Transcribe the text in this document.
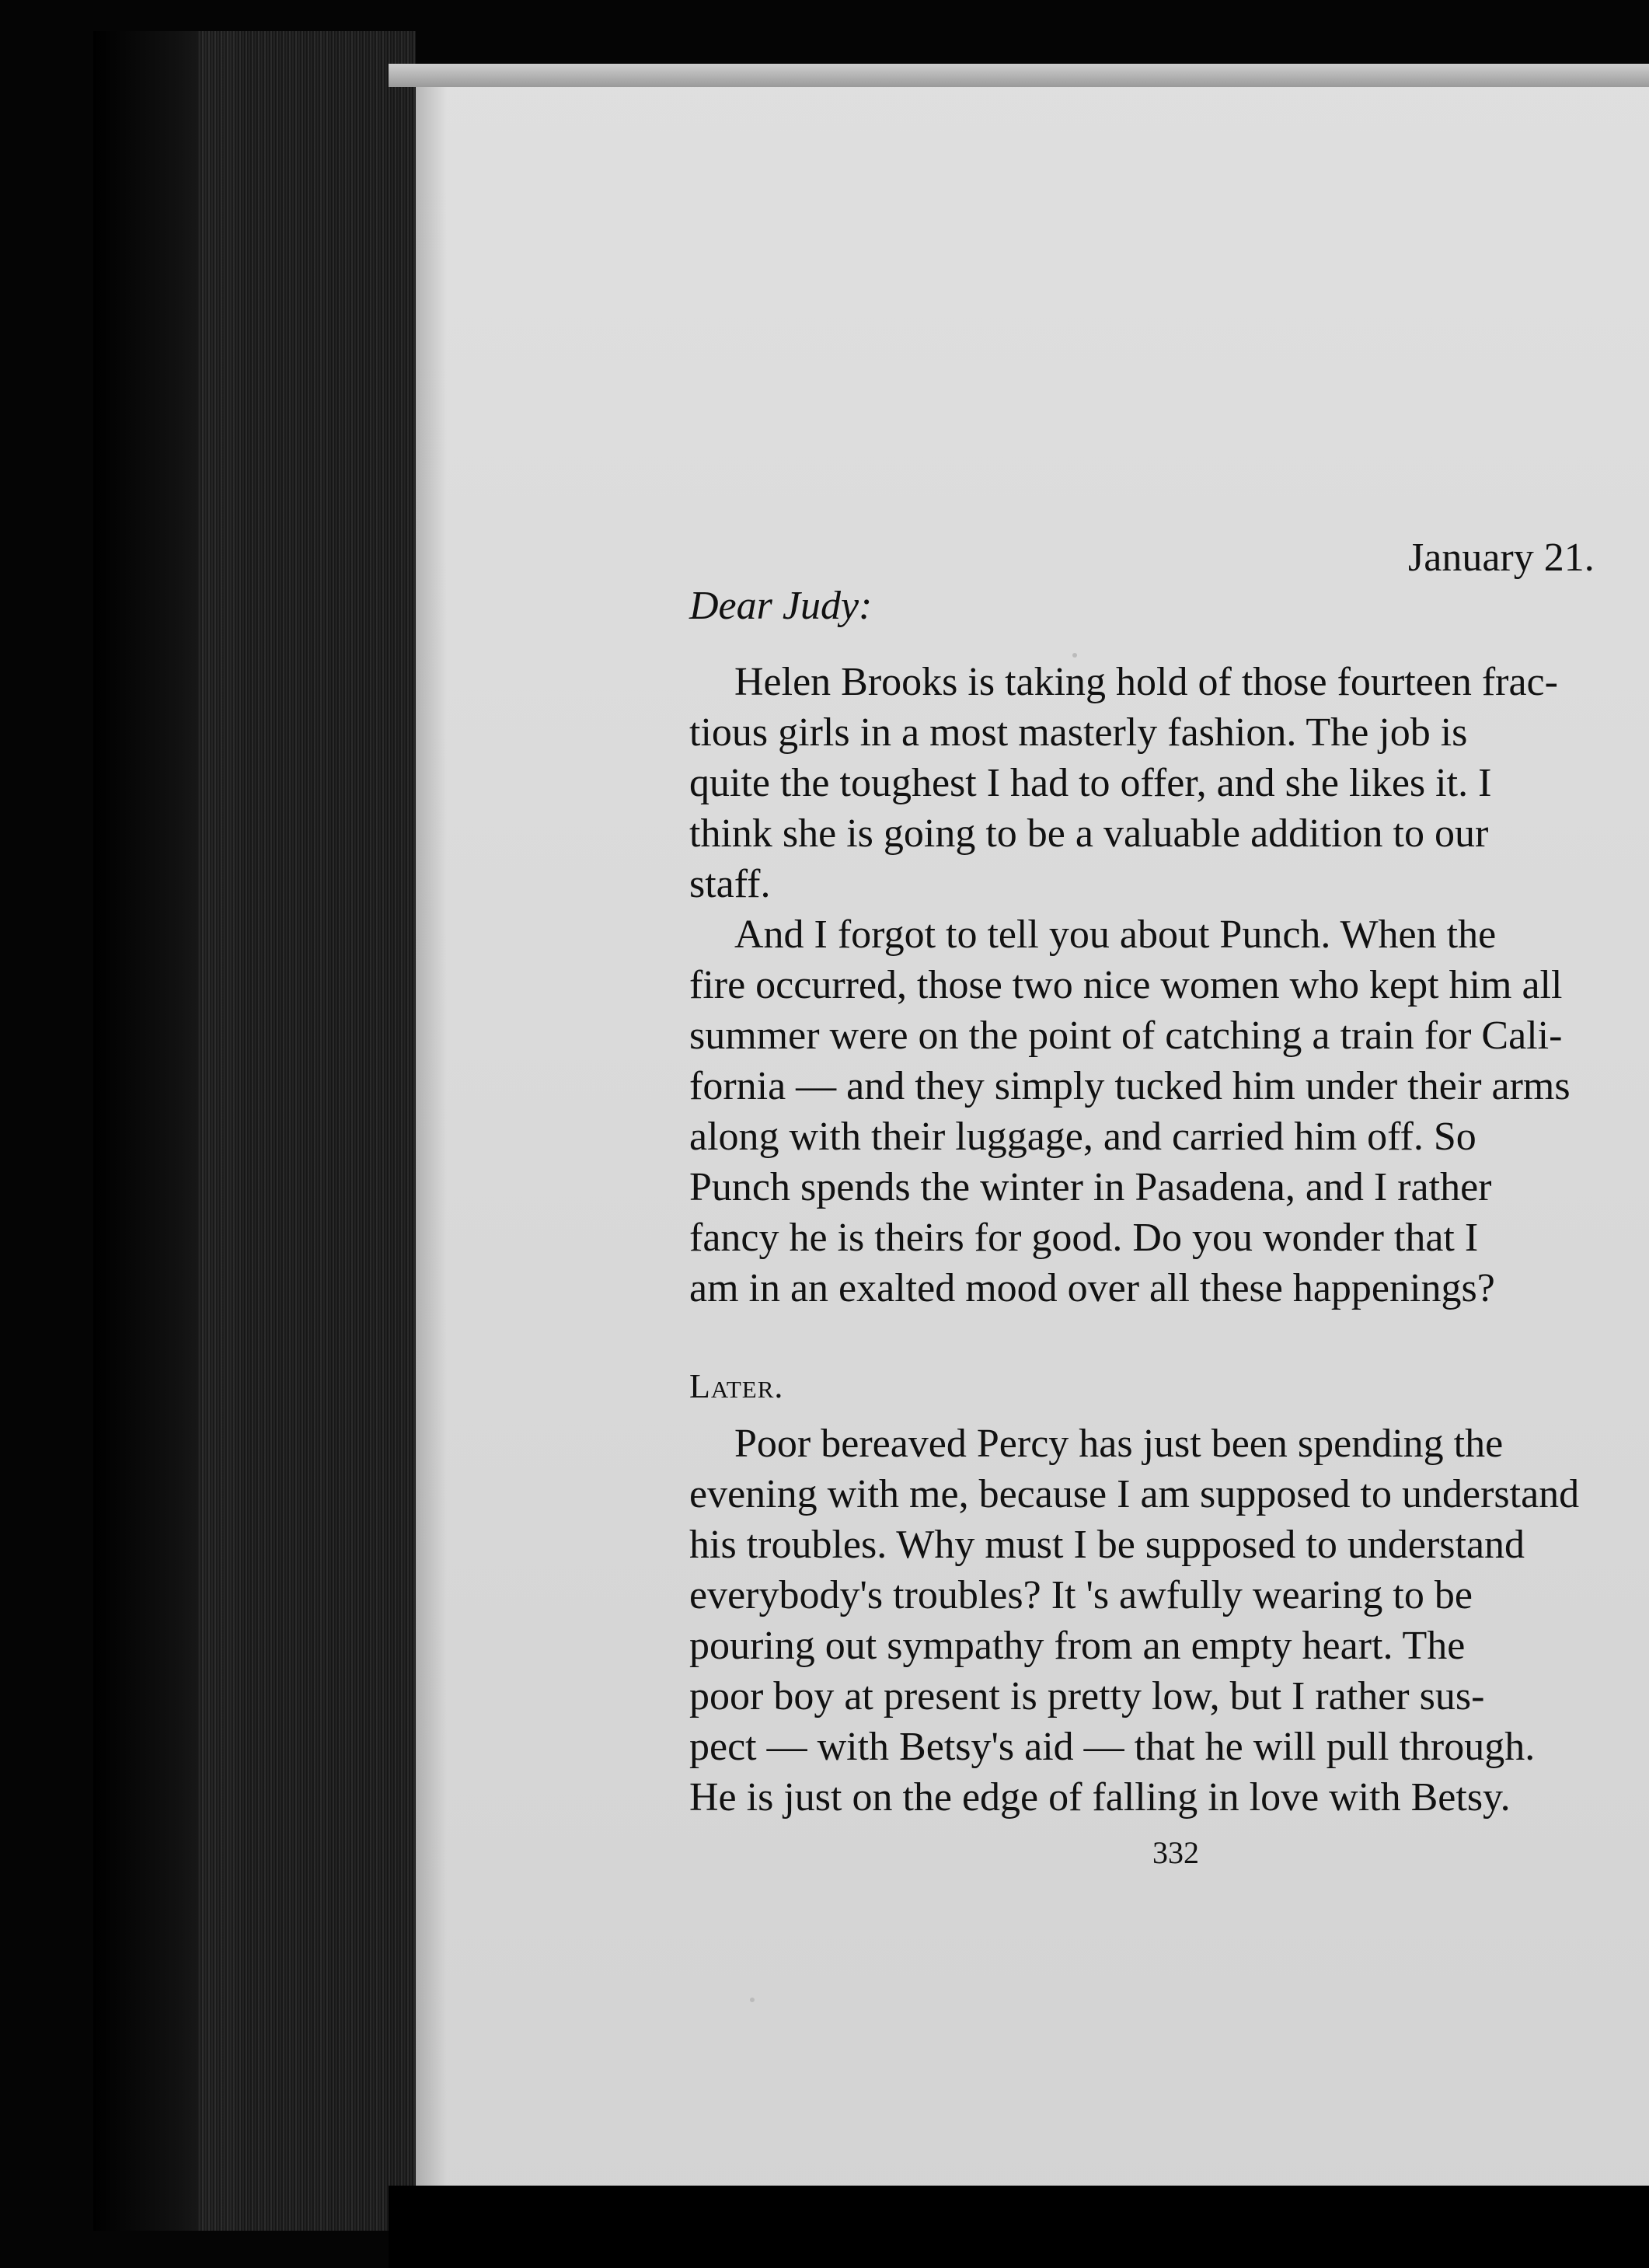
January 21.
Dear Judy:
Helen Brooks is taking hold of those fourteen frac-
tious girls in a most masterly fashion. The job is
quite the toughest I had to offer, and she likes it. I
think she is going to be a valuable addition to our
staff.
And I forgot to tell you about Punch. When the
fire occurred, those two nice women who kept him all
summer were on the point of catching a train for Cali-
fornia — and they simply tucked him under their arms
along with their luggage, and carried him off. So
Punch spends the winter in Pasadena, and I rather
fancy he is theirs for good. Do you wonder that I
am in an exalted mood over all these happenings?
Later.
Poor bereaved Percy has just been spending the
evening with me, because I am supposed to understand
his troubles. Why must I be supposed to understand
everybody's troubles? It 's awfully wearing to be
pouring out sympathy from an empty heart. The
poor boy at present is pretty low, but I rather sus-
pect — with Betsy's aid — that he will pull through.
He is just on the edge of falling in love with Betsy.
332
